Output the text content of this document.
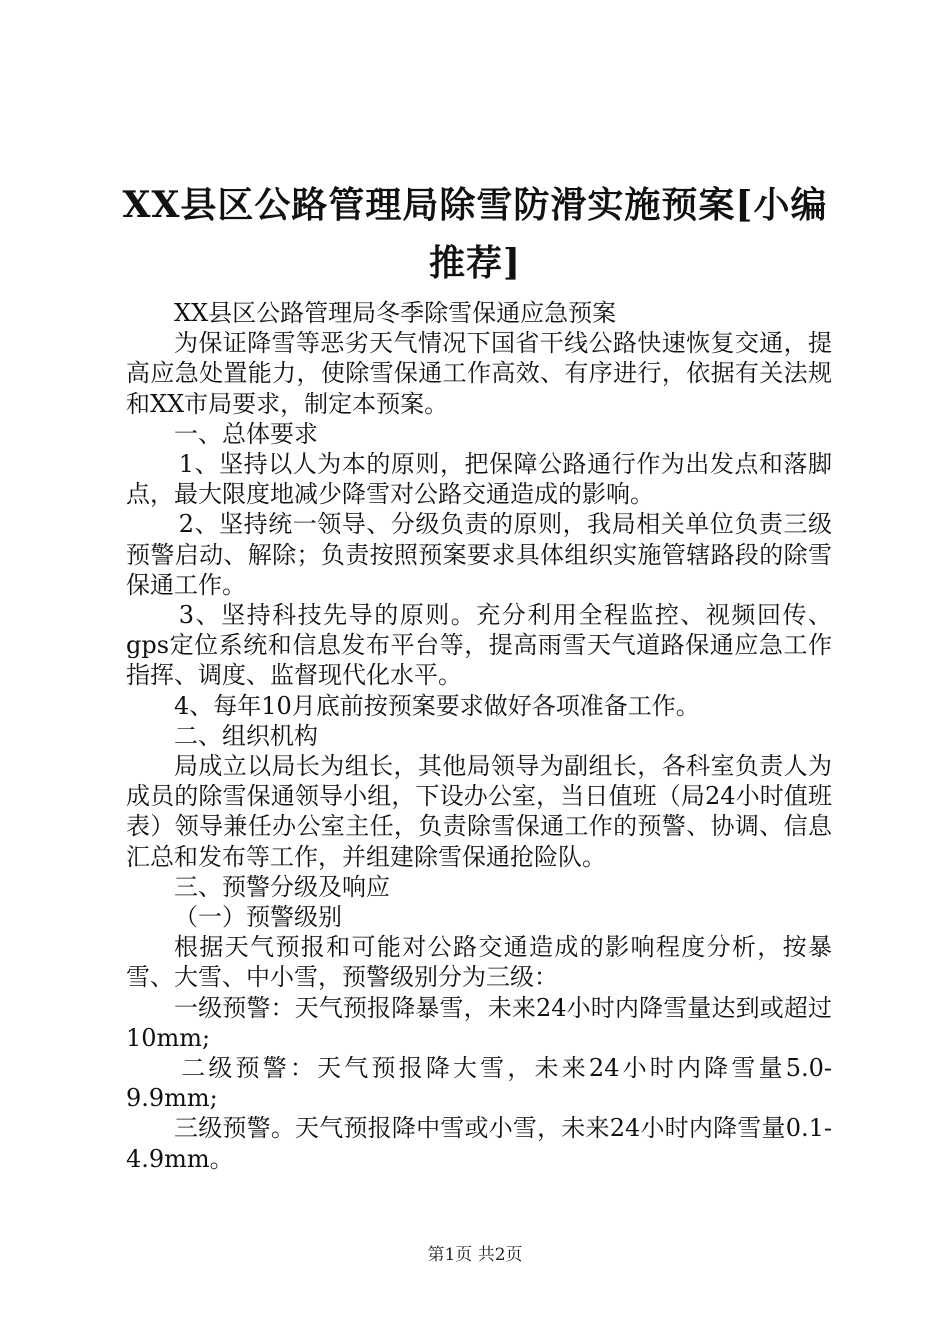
XX县区公路管理局除雪防滑实施预案[小编推荐]

XX县区公路管理局冬季除雪保通应急预案

为保证降雪等恶劣天气情况下国省干线公路快速恢复交通，提高应急处置能力，使除雪保通工作高效、有序进行，依据有关法规和XX市局要求，制定本预案。

一、总体要求

1、坚持以人为本的原则，把保障公路通行作为出发点和落脚点，最大限度地减少降雪对公路交通造成的影响。

2、坚持统一领导、分级负责的原则，我局相关单位负责三级预警启动、解除；负责按照预案要求具体组织实施管辖路段的除雪保通工作。

3、坚持科技先导的原则。充分利用全程监控、视频回传、gps定位系统和信息发布平台等，提高雨雪天气道路保通应急工作指挥、调度、监督现代化水平。

4、每年10月底前按预案要求做好各项准备工作。

二、组织机构

局成立以局长为组长，其他局领导为副组长，各科室负责人为成员的除雪保通领导小组，下设办公室，当日值班（局24小时值班表）领导兼任办公室主任，负责除雪保通工作的预警、协调、信息汇总和发布等工作，并组建除雪保通抢险队。

三、预警分级及响应

（一）预警级别

根据天气预报和可能对公路交通造成的影响程度分析，按暴雪、大雪、中小雪，预警级别分为三级：

一级预警：天气预报降暴雪，未来24小时内降雪量达到或超过10mm;

二级预警：天气预报降大雪，未来24小时内降雪量5.0-9.9mm;

三级预警。天气预报降中雪或小雪，未来24小时内降雪量0.1-4.9mm。

第1页 共2页
